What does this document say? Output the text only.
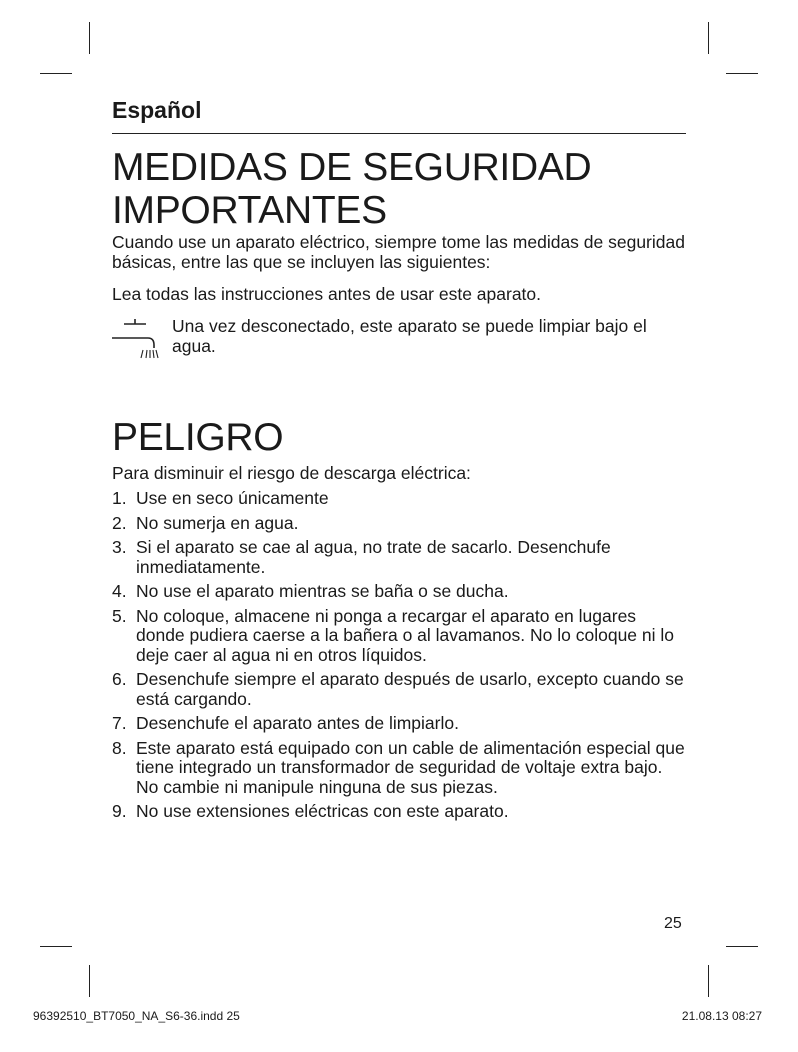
Español
MEDIDAS DE SEGURIDAD
IMPORTANTES
Cuando use un aparato eléctrico, siempre tome las medidas de seguridad básicas, entre las que se incluyen las siguientes:
Lea todas las instrucciones antes de usar este aparato.
Una vez desconectado, este aparato se puede limpiar bajo el agua.
PELIGRO
Para disminuir el riesgo de descarga eléctrica:
1. Use en seco únicamente
2. No sumerja en agua.
3. Si el aparato se cae al agua, no trate de sacarlo. Desenchufe inmediatamente.
4. No use el aparato mientras se baña o se ducha.
5. No coloque, almacene ni ponga a recargar el aparato en lugares donde pudiera caerse a la bañera o al lavamanos. No lo coloque ni lo deje caer al agua ni en otros líquidos.
6. Desenchufe siempre el aparato después de usarlo, excepto cuando se está cargando.
7. Desenchufe el aparato antes de limpiarlo.
8. Este aparato está equipado con un cable de alimentación especial que tiene integrado un transformador de seguridad de voltaje extra bajo. No cambie ni manipule ninguna de sus piezas.
9. No use extensiones eléctricas con este aparato.
25
96392510_BT7050_NA_S6-36.indd 25	21.08.13 08:27
